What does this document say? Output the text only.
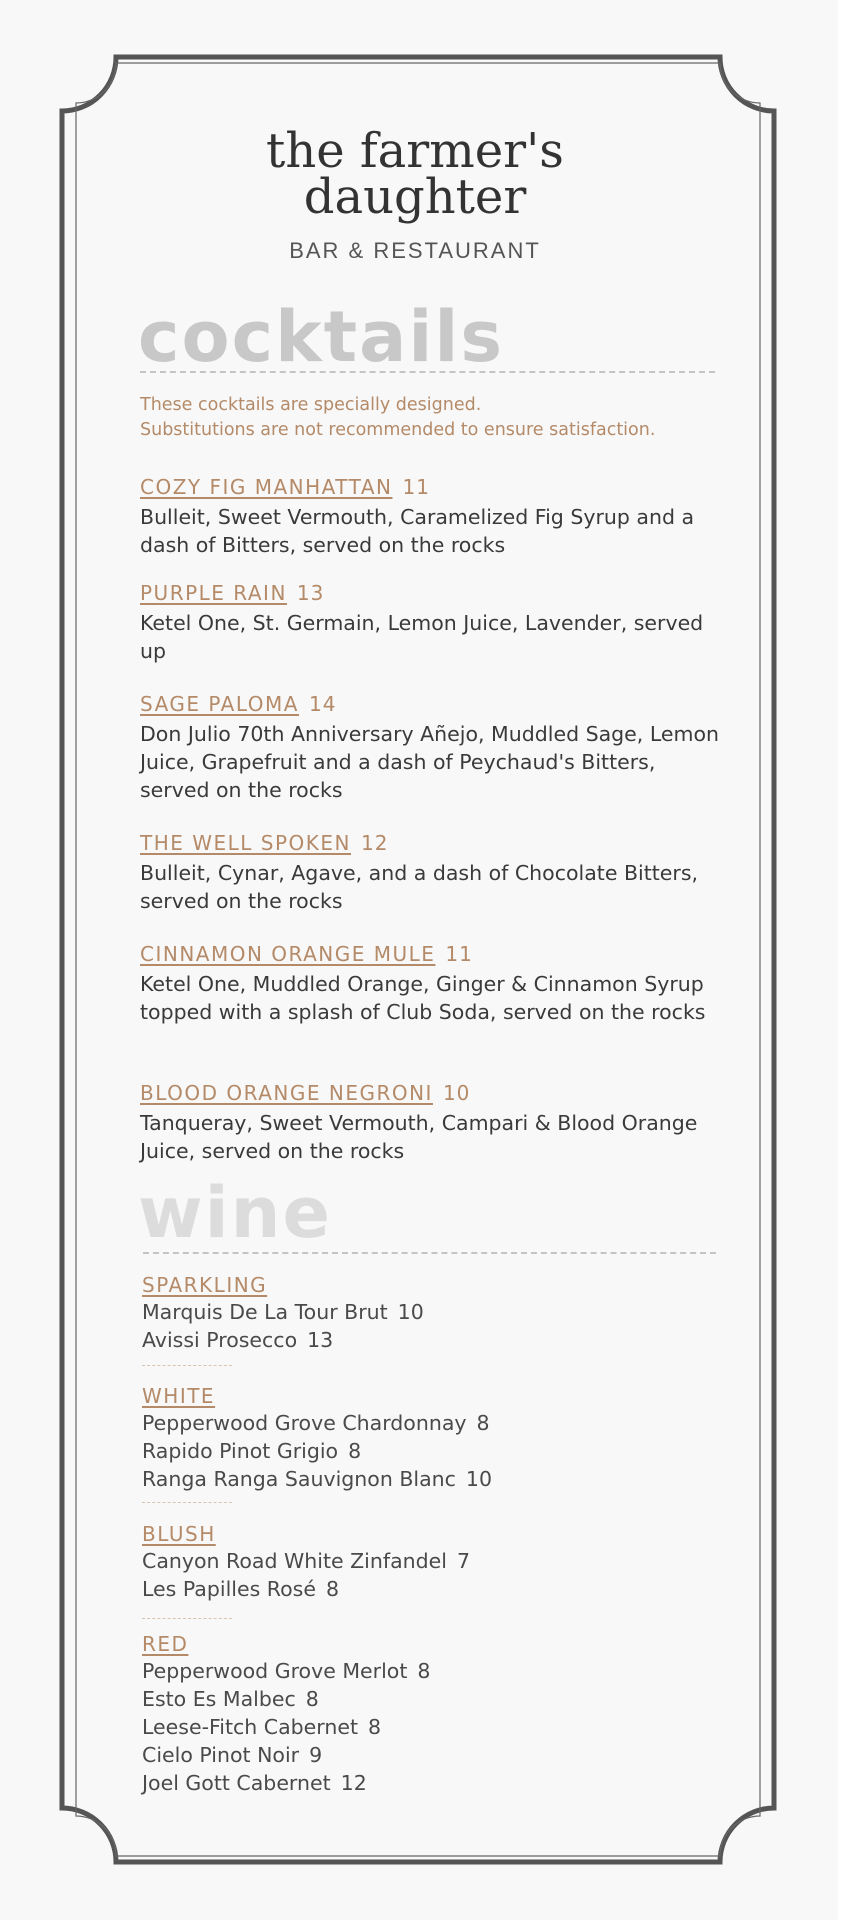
the farmer's
daughter
BAR & RESTAURANT
cocktails
These cocktails are specially designed.
Substitutions are not recommended to ensure satisfaction.
COZY FIG MANHATTAN 11
Bulleit, Sweet Vermouth, Caramelized Fig Syrup and a dash of Bitters, served on the rocks
PURPLE RAIN 13
Ketel One, St. Germain, Lemon Juice, Lavender, served up
SAGE PALOMA 14
Don Julio 70th Anniversary Añejo, Muddled Sage, Lemon Juice, Grapefruit and a dash of Peychaud's Bitters, served on the rocks
THE WELL SPOKEN 12
Bulleit, Cynar, Agave, and a dash of Chocolate Bitters, served on the rocks
CINNAMON ORANGE MULE 11
Ketel One, Muddled Orange, Ginger & Cinnamon Syrup topped with a splash of Club Soda, served on the rocks
BLOOD ORANGE NEGRONI 10
Tanqueray, Sweet Vermouth, Campari & Blood Orange Juice, served on the rocks
wine
SPARKLING
Marquis De La Tour Brut 10
Avissi Prosecco 13
WHITE
Pepperwood Grove Chardonnay 8
Rapido Pinot Grigio 8
Ranga Ranga Sauvignon Blanc 10
BLUSH
Canyon Road White Zinfandel 7
Les Papilles Rosé 8
RED
Pepperwood Grove Merlot 8
Esto Es Malbec 8
Leese-Fitch Cabernet 8
Cielo Pinot Noir 9
Joel Gott Cabernet 12
